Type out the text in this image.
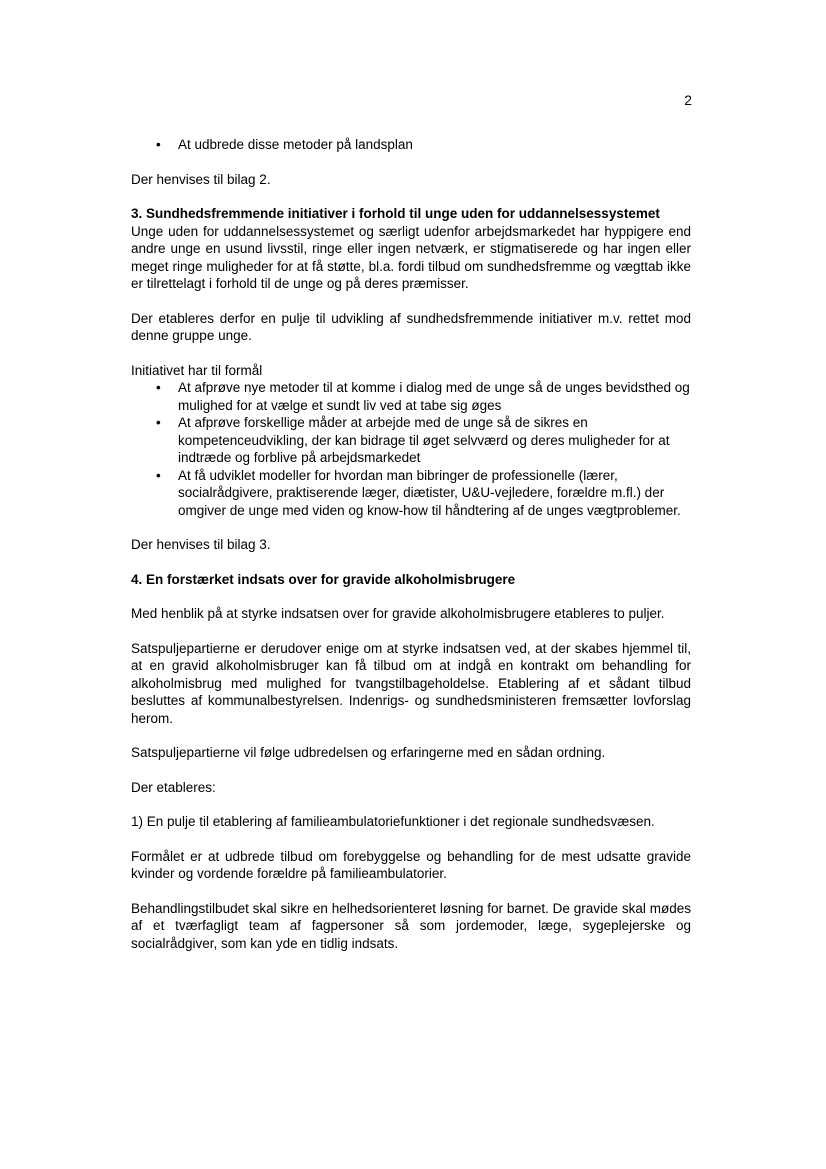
2
• At udbrede disse metoder på landsplan

Der henvises til bilag 2.

3. Sundhedsfremmende initiativer i forhold til unge uden for uddannelsessystemet

Unge uden for uddannelsessystemet og særligt udenfor arbejdsmarkedet har hyppigere end andre unge en usund livsstil, ringe eller ingen netværk, er stigmatiserede og har ingen eller meget ringe muligheder for at få støtte, bl.a. fordi tilbud om sundhedsfremme og vægttab ikke er tilrettelagt i forhold til de unge og på deres præmisser.

Der etableres derfor en pulje til udvikling af sundhedsfremmende initiativer m.v. rettet mod denne gruppe unge.

Initiativet har til formål

• At afprøve nye metoder til at komme i dialog med de unge så de unges bevidsthed og mulighed for at vælge et sundt liv ved at tabe sig øges
• At afprøve forskellige måder at arbejde med de unge så de sikres en kompetenceudvikling, der kan bidrage til øget selvværd og deres muligheder for at indtræde og forblive på arbejdsmarkedet
• At få udviklet modeller for hvordan man bibringer de professionelle (lærer, socialrådgivere, praktiserende læger, diætister, U&U-vejledere, forældre m.fl.) der omgiver de unge med viden og know-how til håndtering af de unges vægtproblemer.

Der henvises til bilag 3.

4. En forstærket indsats over for gravide alkoholmisbrugere

Med henblik på at styrke indsatsen over for gravide alkoholmisbrugere etableres to puljer.

Satspuljepartierne er derudover enige om at styrke indsatsen ved, at der skabes hjemmel til, at en gravid alkoholmisbruger kan få tilbud om at indgå en kontrakt om behandling for alkoholmisbrug med mulighed for tvangstilbageholdelse. Etablering af et sådant tilbud besluttes af kommunalbestyrelsen. Indenrigs- og sundhedsministeren fremsætter lovforslag herom.

Satspuljepartierne vil følge udbredelsen og erfaringerne med en sådan ordning.

Der etableres:

1) En pulje til etablering af familieambulatoriefunktioner i det regionale sundhedsvæsen.

Formålet er at udbrede tilbud om forebyggelse og behandling for de mest udsatte gravide kvinder og vordende forældre på familieambulatorier.

Behandlingstilbudet skal sikre en helhedsorienteret løsning for barnet. De gravide skal mødes af et tværfagligt team af fagpersoner så som jordemoder, læge, sygeplejerske og socialrådgiver, som kan yde en tidlig indsats.
